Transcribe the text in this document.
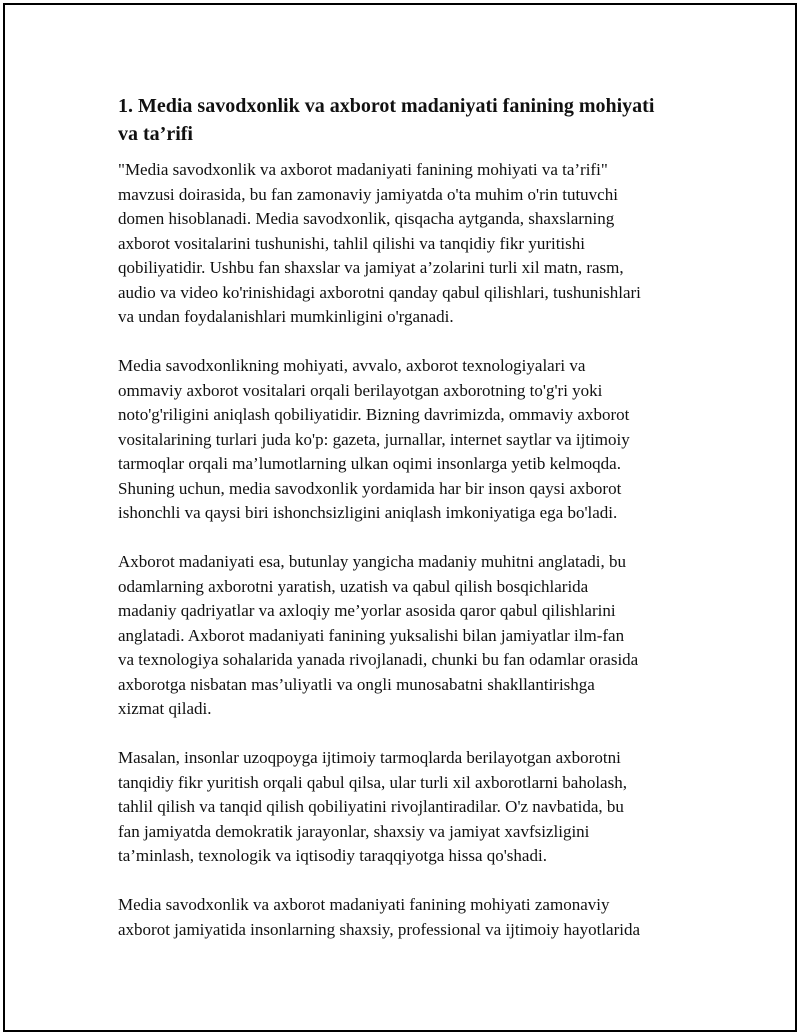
1. Media savodxonlik va axborot madaniyati fanining mohiyati
va ta’rifi

"Media savodxonlik va axborot madaniyati fanining mohiyati va ta’rifi"
mavzusi doirasida, bu fan zamonaviy jamiyatda o'ta muhim o'rin tutuvchi
domen hisoblanadi. Media savodxonlik, qisqacha aytganda, shaxslarning
axborot vositalarini tushunishi, tahlil qilishi va tanqidiy fikr yuritishi
qobiliyatidir. Ushbu fan shaxslar va jamiyat a’zolarini turli xil matn, rasm,
audio va video ko'rinishidagi axborotni qanday qabul qilishlari, tushunishlari
va undan foydalanishlari mumkinligini o'rganadi.

Media savodxonlikning mohiyati, avvalo, axborot texnologiyalari va
ommaviy axborot vositalari orqali berilayotgan axborotning to'g'ri yoki
noto'g'riligini aniqlash qobiliyatidir. Bizning davrimizda, ommaviy axborot
vositalarining turlari juda ko'p: gazeta, jurnallar, internet saytlar va ijtimoiy
tarmoqlar orqali ma’lumotlarning ulkan oqimi insonlarga yetib kelmoqda.
Shuning uchun, media savodxonlik yordamida har bir inson qaysi axborot
ishonchli va qaysi biri ishonchsizligini aniqlash imkoniyatiga ega bo'ladi.

Axborot madaniyati esa, butunlay yangicha madaniy muhitni anglatadi, bu
odamlarning axborotni yaratish, uzatish va qabul qilish bosqichlarida
madaniy qadriyatlar va axloqiy me’yorlar asosida qaror qabul qilishlarini
anglatadi. Axborot madaniyati fanining yuksalishi bilan jamiyatlar ilm-fan
va texnologiya sohalarida yanada rivojlanadi, chunki bu fan odamlar orasida
axborotga nisbatan mas’uliyatli va ongli munosabatni shakllantirishga
xizmat qiladi.

Masalan, insonlar uzoqpoyga ijtimoiy tarmoqlarda berilayotgan axborotni
tanqidiy fikr yuritish orqali qabul qilsa, ular turli xil axborotlarni baholash,
tahlil qilish va tanqid qilish qobiliyatini rivojlantiradilar. O'z navbatida, bu
fan jamiyatda demokratik jarayonlar, shaxsiy va jamiyat xavfsizligini
ta’minlash, texnologik va iqtisodiy taraqqiyotga hissa qo'shadi.

Media savodxonlik va axborot madaniyati fanining mohiyati zamonaviy
axborot jamiyatida insonlarning shaxsiy, professional va ijtimoiy hayotlarida
